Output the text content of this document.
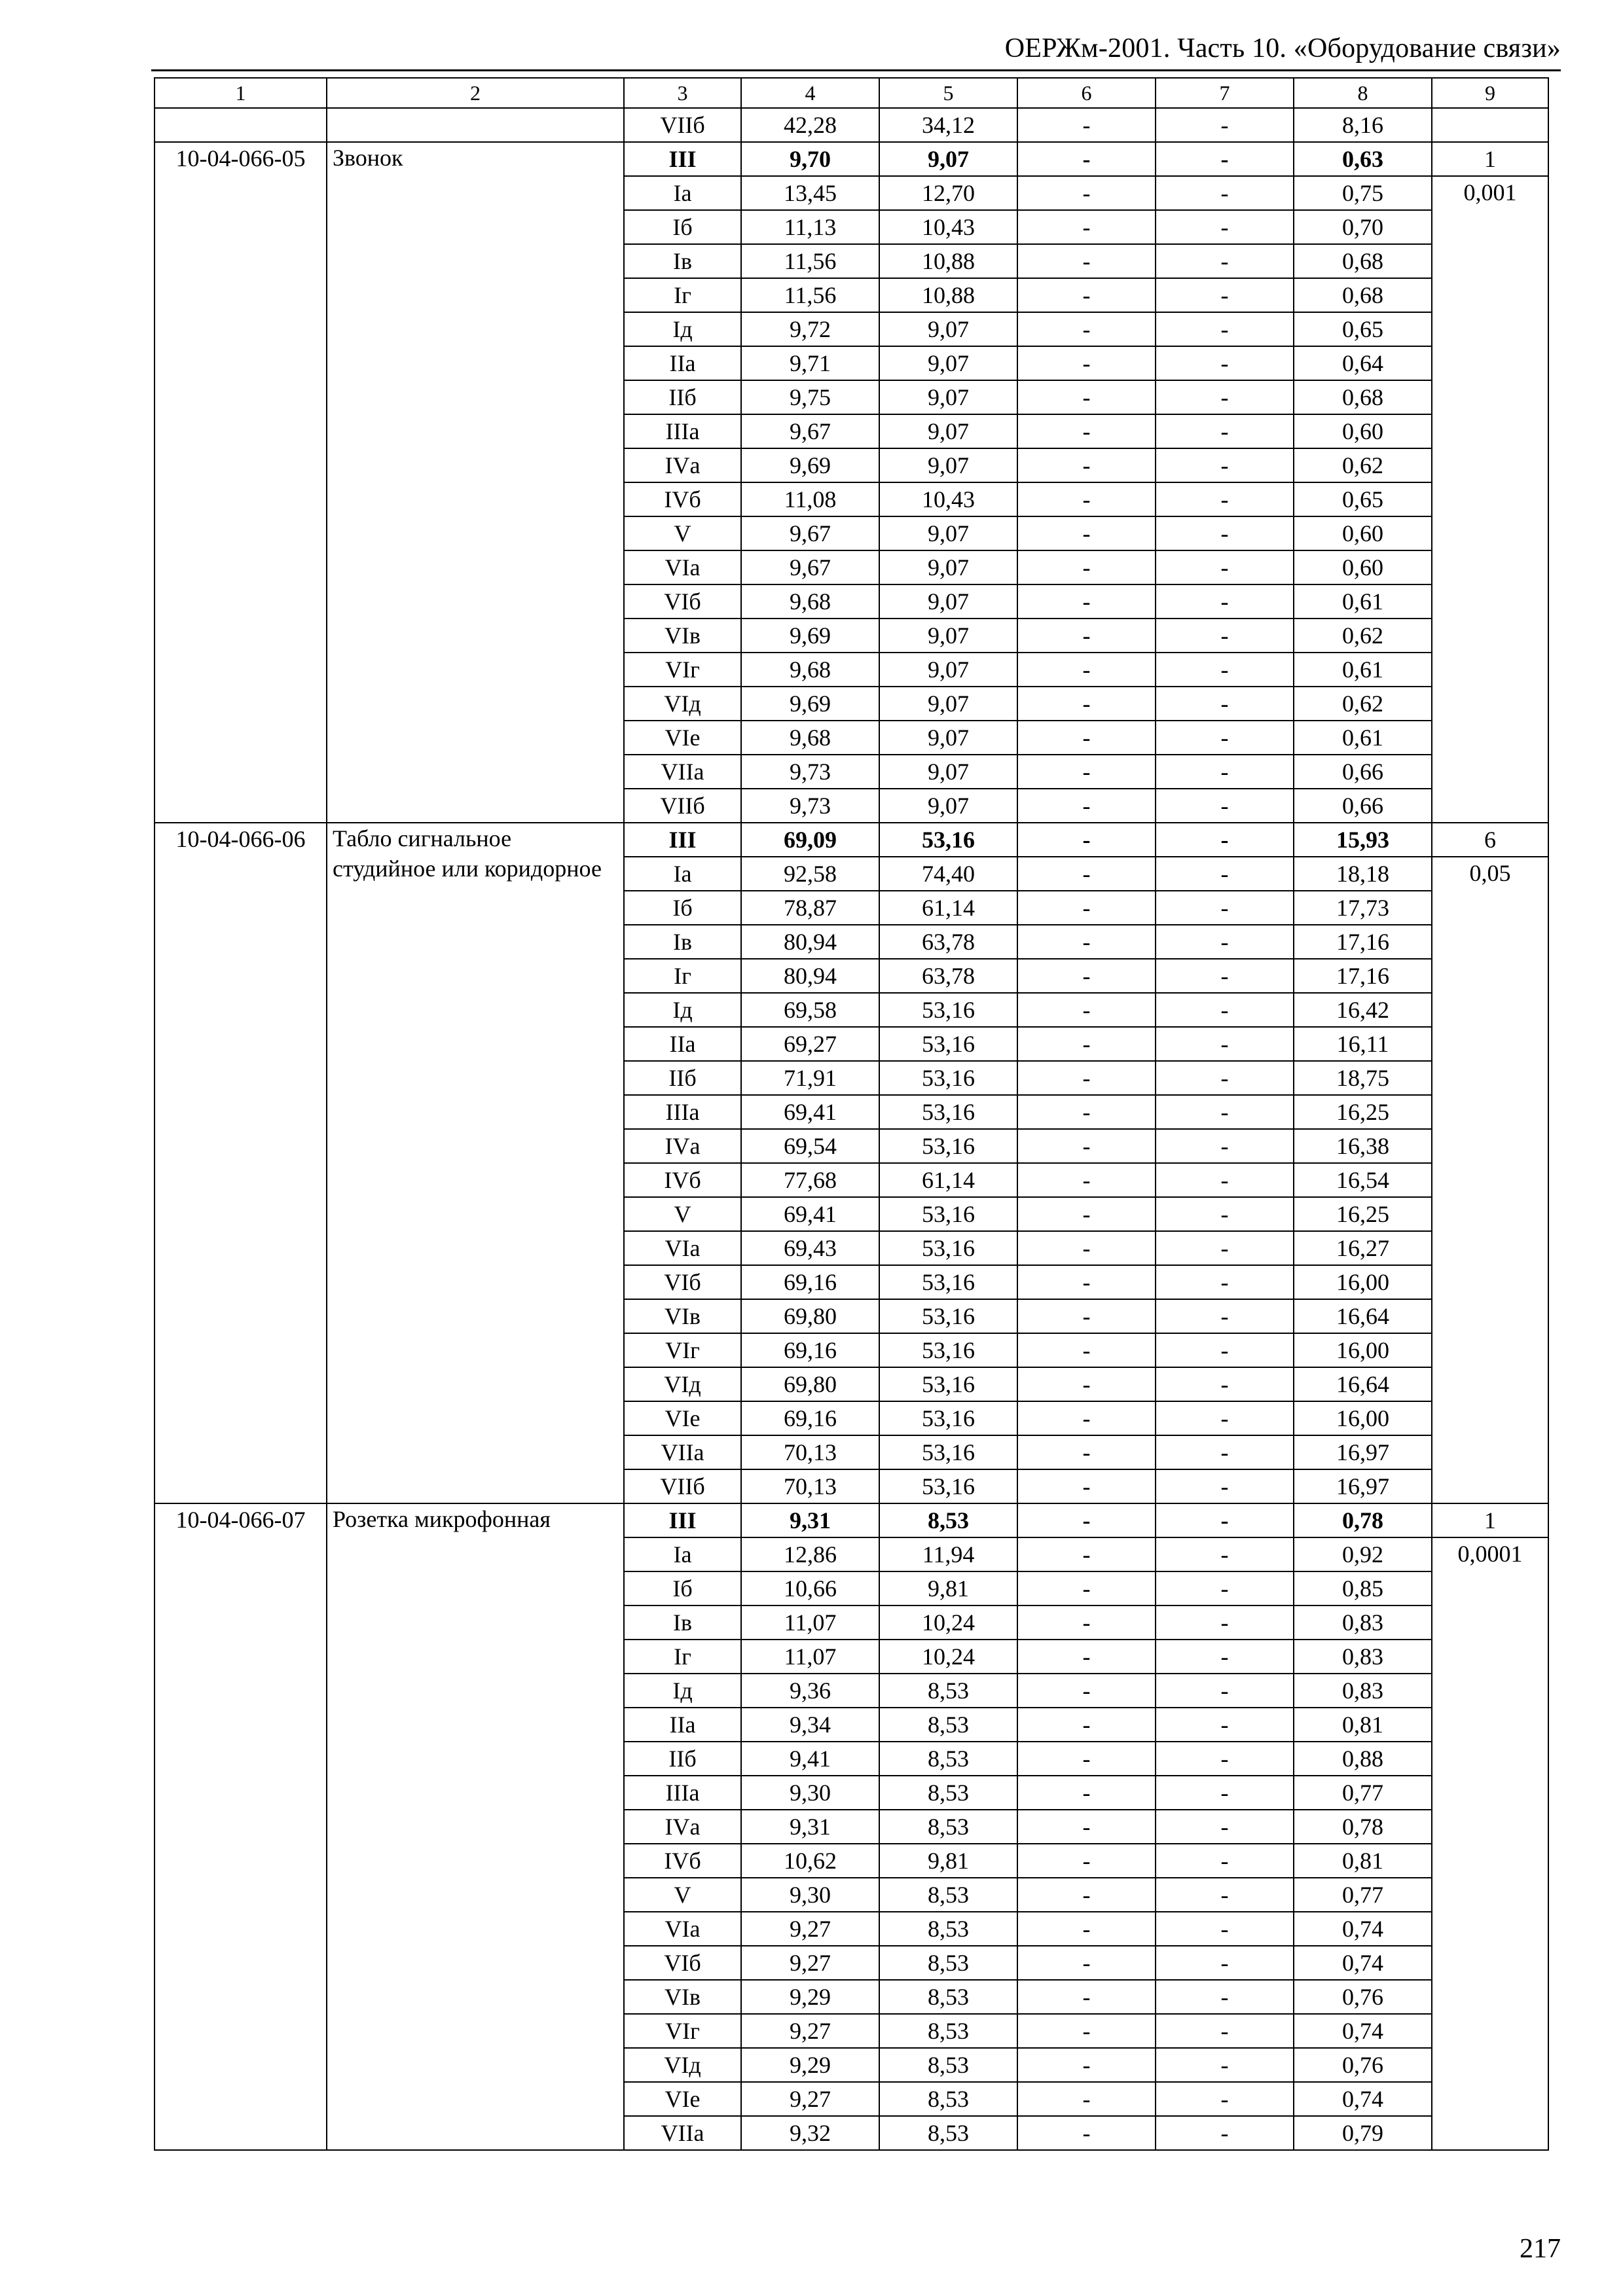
ОЕРЖм-2001. Часть 10. «Оборудование связи»
1	2	3	4	5	6	7	8	9
		VIIб	42,28	34,12	-	-	8,16	
10-04-066-05	Звонок	III	9,70	9,07	-	-	0,63	1
		Iа	13,45	12,70	-	-	0,75	0,001
		Iб	11,13	10,43	-	-	0,70	
		Iв	11,56	10,88	-	-	0,68	
		Iг	11,56	10,88	-	-	0,68	
		Iд	9,72	9,07	-	-	0,65	
		IIа	9,71	9,07	-	-	0,64	
		IIб	9,75	9,07	-	-	0,68	
		IIIа	9,67	9,07	-	-	0,60	
		IVа	9,69	9,07	-	-	0,62	
		IVб	11,08	10,43	-	-	0,65	
		V	9,67	9,07	-	-	0,60	
		VIа	9,67	9,07	-	-	0,60	
		VIб	9,68	9,07	-	-	0,61	
		VIв	9,69	9,07	-	-	0,62	
		VIг	9,68	9,07	-	-	0,61	
		VIд	9,69	9,07	-	-	0,62	
		VIе	9,68	9,07	-	-	0,61	
		VIIа	9,73	9,07	-	-	0,66	
		VIIб	9,73	9,07	-	-	0,66	
10-04-066-06	Табло сигнальное студийное или коридорное	III	69,09	53,16	-	-	15,93	6
		Iа	92,58	74,40	-	-	18,18	0,05
		Iб	78,87	61,14	-	-	17,73	
		Iв	80,94	63,78	-	-	17,16	
		Iг	80,94	63,78	-	-	17,16	
		Iд	69,58	53,16	-	-	16,42	
		IIа	69,27	53,16	-	-	16,11	
		IIб	71,91	53,16	-	-	18,75	
		IIIа	69,41	53,16	-	-	16,25	
		IVа	69,54	53,16	-	-	16,38	
		IVб	77,68	61,14	-	-	16,54	
		V	69,41	53,16	-	-	16,25	
		VIа	69,43	53,16	-	-	16,27	
		VIб	69,16	53,16	-	-	16,00	
		VIв	69,80	53,16	-	-	16,64	
		VIг	69,16	53,16	-	-	16,00	
		VIд	69,80	53,16	-	-	16,64	
		VIе	69,16	53,16	-	-	16,00	
		VIIа	70,13	53,16	-	-	16,97	
		VIIб	70,13	53,16	-	-	16,97	
10-04-066-07	Розетка микрофонная	III	9,31	8,53	-	-	0,78	1
		Iа	12,86	11,94	-	-	0,92	0,0001
		Iб	10,66	9,81	-	-	0,85	
		Iв	11,07	10,24	-	-	0,83	
		Iг	11,07	10,24	-	-	0,83	
		Iд	9,36	8,53	-	-	0,83	
		IIа	9,34	8,53	-	-	0,81	
		IIб	9,41	8,53	-	-	0,88	
		IIIа	9,30	8,53	-	-	0,77	
		IVа	9,31	8,53	-	-	0,78	
		IVб	10,62	9,81	-	-	0,81	
		V	9,30	8,53	-	-	0,77	
		VIа	9,27	8,53	-	-	0,74	
		VIб	9,27	8,53	-	-	0,74	
		VIв	9,29	8,53	-	-	0,76	
		VIг	9,27	8,53	-	-	0,74	
		VIд	9,29	8,53	-	-	0,76	
		VIе	9,27	8,53	-	-	0,74	
		VIIа	9,32	8,53	-	-	0,79	
217
